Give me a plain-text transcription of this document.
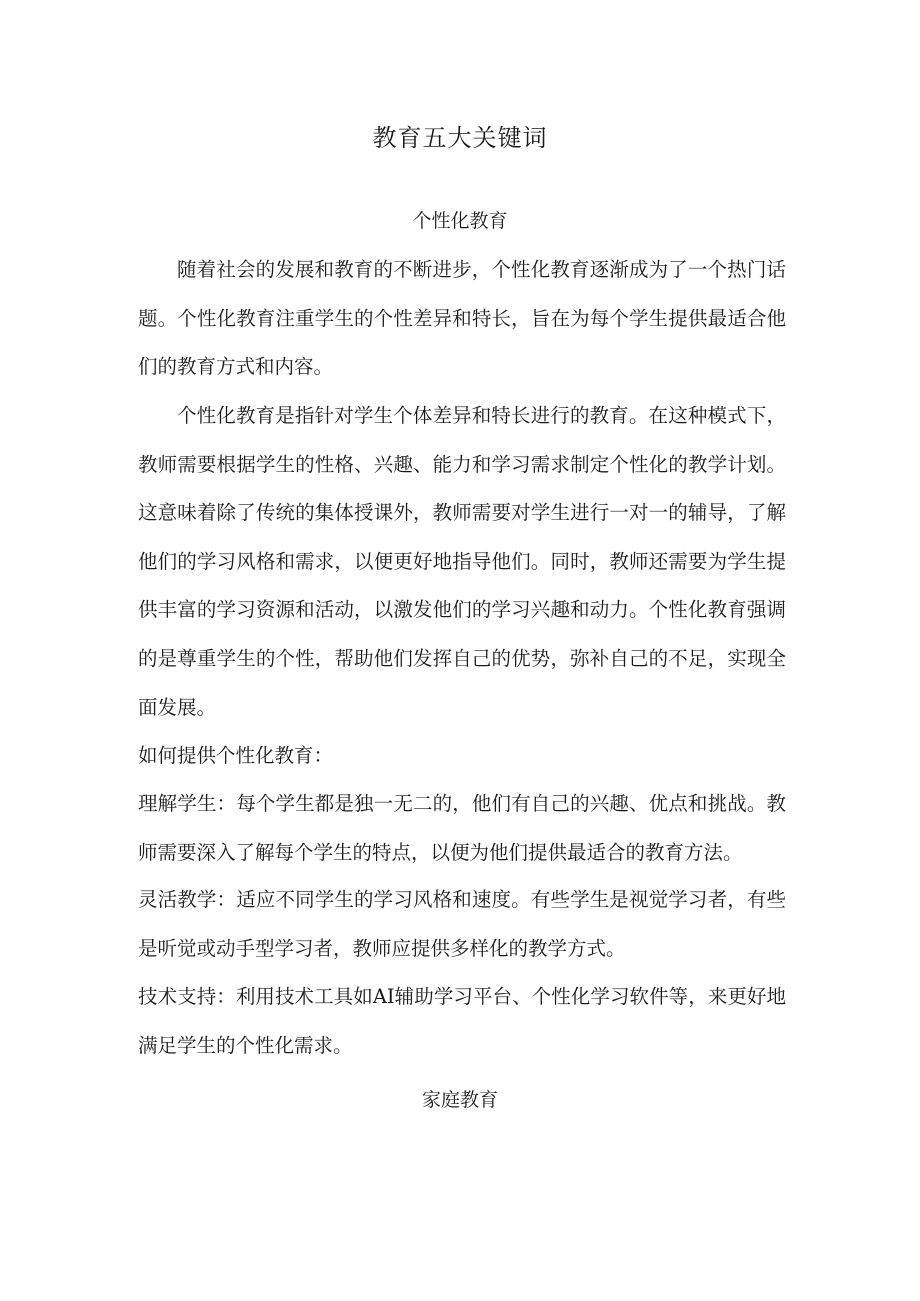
教育五大关键词
个性化教育

随着社会的发展和教育的不断进步，个性化教育逐渐成为了一个热门话题。个性化教育注重学生的个性差异和特长，旨在为每个学生提供最适合他们的教育方式和内容。

个性化教育是指针对学生个体差异和特长进行的教育。在这种模式下，教师需要根据学生的性格、兴趣、能力和学习需求制定个性化的教学计划。这意味着除了传统的集体授课外，教师需要对学生进行一对一的辅导，了解他们的学习风格和需求，以便更好地指导他们。同时，教师还需要为学生提供丰富的学习资源和活动，以激发他们的学习兴趣和动力。个性化教育强调的是尊重学生的个性，帮助他们发挥自己的优势，弥补自己的不足，实现全面发展。

如何提供个性化教育：

理解学生：每个学生都是独一无二的，他们有自己的兴趣、优点和挑战。教师需要深入了解每个学生的特点，以便为他们提供最适合的教育方法。

灵活教学：适应不同学生的学习风格和速度。有些学生是视觉学习者，有些是听觉或动手型学习者，教师应提供多样化的教学方式。

技术支持：利用技术工具如AI辅助学习平台、个性化学习软件等，来更好地满足学生的个性化需求。

家庭教育
